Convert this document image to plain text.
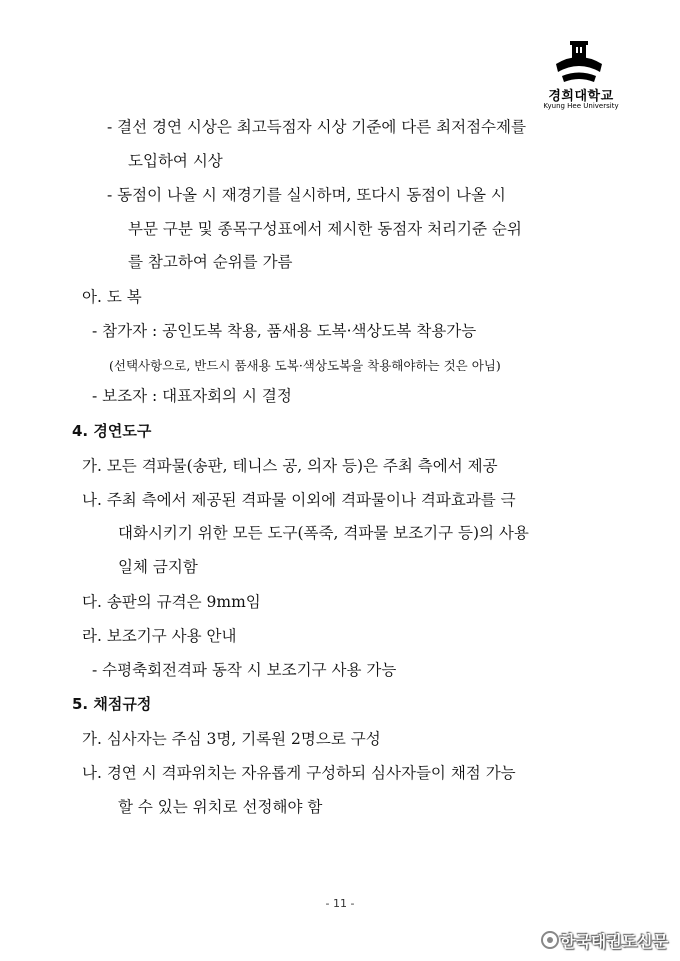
경희대학교
Kyung Hee University
- 결선 경연 시상은 최고득점자 시상 기준에 다른 최저점수제를
도입하여 시상
- 동점이 나올 시 재경기를 실시하며, 또다시 동점이 나올 시
부문 구분 및 종목구성표에서 제시한 동점자 처리기준 순위
를 참고하여 순위를 가름
아. 도 복
- 참가자 : 공인도복 착용, 품새용 도복·색상도복 착용가능
(선택사항으로, 반드시 품새용 도복·색상도복을 착용해야하는 것은 아님)
- 보조자 : 대표자회의 시 결정
4. 경연도구
가. 모든 격파물(송판, 테니스 공, 의자 등)은 주최 측에서 제공
나. 주최 측에서 제공된 격파물 이외에 격파물이나 격파효과를 극
대화시키기 위한 모든 도구(폭죽, 격파물 보조기구 등)의 사용
일체 금지함
다. 송판의 규격은 9mm임
라. 보조기구 사용 안내
- 수평축회전격파 동작 시 보조기구 사용 가능
5. 채점규정
가. 심사자는 주심 3명, 기록원 2명으로 구성
나. 경연 시 격파위치는 자유롭게 구성하되 심사자들이 채점 가능
할 수 있는 위치로 선정해야 함
- 11 -
한국태권도신문
